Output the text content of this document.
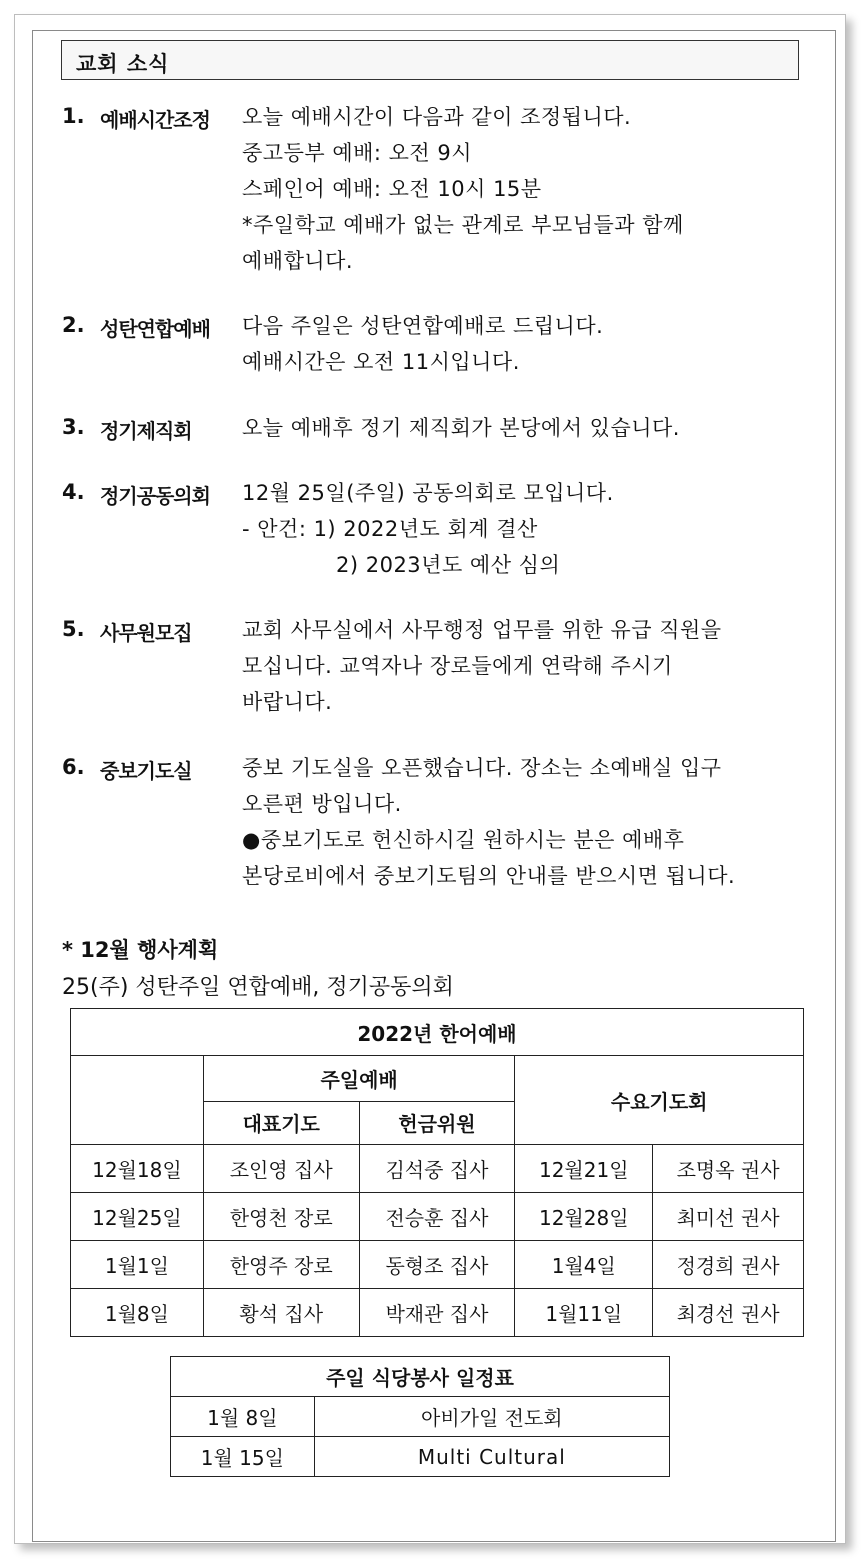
교회 소식
1. 예배시간조정 오늘 예배시간이 다음과 같이 조정됩니다.
중고등부 예배: 오전 9시
스페인어 예배: 오전 10시 15분
*주일학교 예배가 없는 관계로 부모님들과 함께
예배합니다.
2. 성탄연합예배 다음 주일은 성탄연합예배로 드립니다.
예배시간은 오전 11시입니다.
3. 정기제직회 오늘 예배후 정기 제직회가 본당에서 있습니다.
4. 정기공동의회 12월 25일(주일) 공동의회로 모입니다.
- 안건: 1) 2022년도 회계 결산
2) 2023년도 예산 심의
5. 사무원모집 교회 사무실에서 사무행정 업무를 위한 유급 직원을
모십니다. 교역자나 장로들에게 연락해 주시기
바랍니다.
6. 중보기도실 중보 기도실을 오픈했습니다. 장소는 소예배실 입구
오른편 방입니다.
●중보기도로 헌신하시길 원하시는 분은 예배후
본당로비에서 중보기도팀의 안내를 받으시면 됩니다.
* 12월 행사계획
25(주) 성탄주일 연합예배, 정기공동의회
2022년 한어예배				
	주일예배		수요기도회	
	대표기도	헌금위원		
12월18일	조인영 집사	김석중 집사	12월21일	조명옥 권사
12월25일	한영천 장로	전승훈 집사	12월28일	최미선 권사
1월1일	한영주 장로	동형조 집사	1월4일	정경희 권사
1월8일	황석 집사	박재관 집사	1월11일	최경선 권사
주일 식당봉사 일정표	
1월 8일	아비가일 전도회
1월 15일	Multi Cultural
